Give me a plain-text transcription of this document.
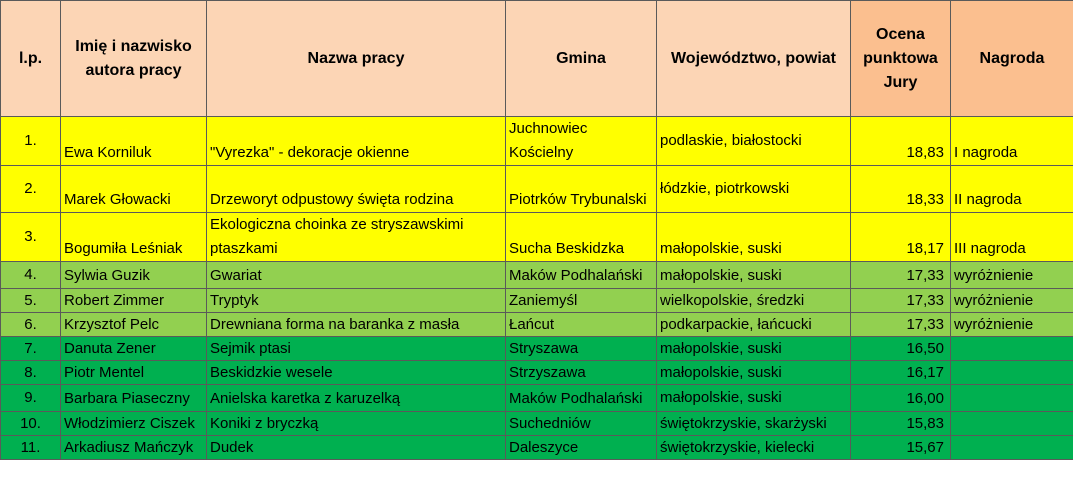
l.p.	Imię i nazwisko autora pracy	Nazwa pracy	Gmina	Województwo, powiat	Ocena punktowa Jury	Nagroda
1.	Ewa Korniluk	"Vyrezka" - dekoracje okienne	Juchnowiec Kościelny	podlaskie, białostocki	18,83	I nagroda
2.	Marek Głowacki	Drzeworyt odpustowy święta rodzina	Piotrków Trybunalski	łódzkie, piotrkowski	18,33	II nagroda
3.	Bogumiła Leśniak	Ekologiczna choinka ze stryszawskimi ptaszkami	Sucha Beskidzka	małopolskie, suski	18,17	III nagroda
4.	Sylwia Guzik	Gwariat	Maków Podhalański	małopolskie, suski	17,33	wyróżnienie
5.	Robert Zimmer	Tryptyk	Zaniemyśl	wielkopolskie, średzki	17,33	wyróżnienie
6.	Krzysztof Pelc	Drewniana forma na baranka z masła	Łańcut	podkarpackie, łańcucki	17,33	wyróżnienie
7.	Danuta Zener	Sejmik ptasi	Stryszawa	małopolskie, suski	16,50	
8.	Piotr Mentel	Beskidzkie wesele	Strzyszawa	małopolskie, suski	16,17	
9.	Barbara Piaseczny	Anielska karetka z karuzelką	Maków Podhalański	małopolskie, suski	16,00	
10.	Włodzimierz Ciszek	Koniki z bryczką	Suchedniów	świętokrzyskie, skarżyski	15,83	
11.	Arkadiusz Mańczyk	Dudek	Daleszyce	świętokrzyskie, kielecki	15,67	
